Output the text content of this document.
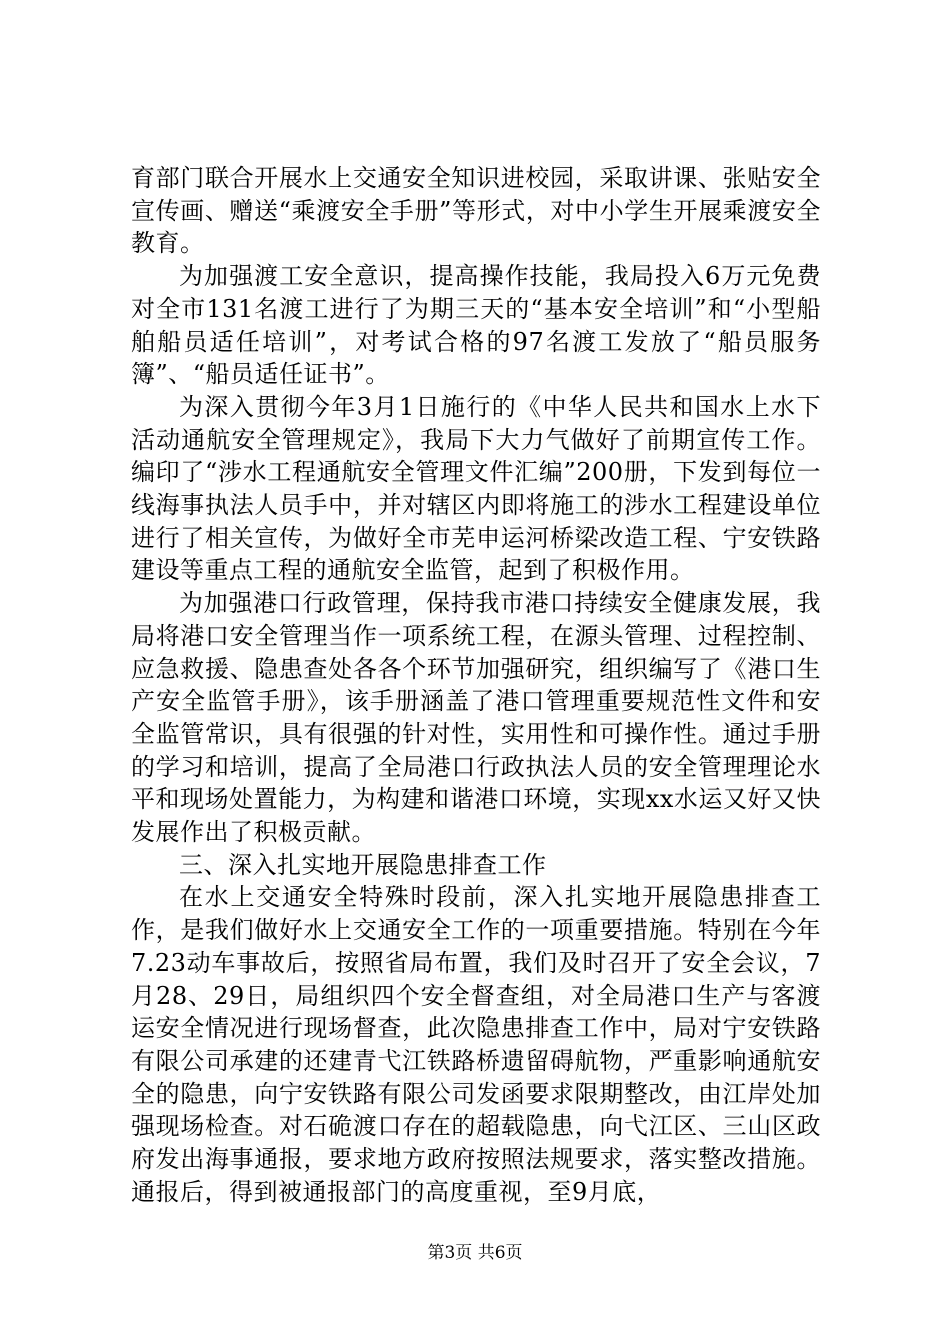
育部门联合开展水上交通安全知识进校园，采取讲课、张贴安全宣传画、赠送“乘渡安全手册”等形式，对中小学生开展乘渡安全教育。

为加强渡工安全意识，提高操作技能，我局投入6万元免费对全市131名渡工进行了为期三天的“基本安全培训”和“小型船舶船员适任培训”，对考试合格的97名渡工发放了“船员服务簿”、“船员适任证书”。

为深入贯彻今年3月1日施行的《中华人民共和国水上水下活动通航安全管理规定》，我局下大力气做好了前期宣传工作。编印了“涉水工程通航安全管理文件汇编”200册，下发到每位一线海事执法人员手中，并对辖区内即将施工的涉水工程建设单位进行了相关宣传，为做好全市芜申运河桥梁改造工程、宁安铁路建设等重点工程的通航安全监管，起到了积极作用。

为加强港口行政管理，保持我市港口持续安全健康发展，我局将港口安全管理当作一项系统工程，在源头管理、过程控制、应急救援、隐患查处各各个环节加强研究，组织编写了《港口生产安全监管手册》，该手册涵盖了港口管理重要规范性文件和安全监管常识，具有很强的针对性，实用性和可操作性。通过手册的学习和培训，提高了全局港口行政执法人员的安全管理理论水平和现场处置能力，为构建和谐港口环境，实现xx水运又好又快发展作出了积极贡献。

三、深入扎实地开展隐患排查工作

在水上交通安全特殊时段前，深入扎实地开展隐患排查工作，是我们做好水上交通安全工作的一项重要措施。特别在今年7.23动车事故后，按照省局布置，我们及时召开了安全会议，7月28、29日，局组织四个安全督查组，对全局港口生产与客渡运安全情况进行现场督查，此次隐患排查工作中，局对宁安铁路有限公司承建的还建青弋江铁路桥遗留碍航物，严重影响通航安全的隐患，向宁安铁路有限公司发函要求限期整改，由江岸处加强现场检查。对石硊渡口存在的超载隐患，向弋江区、三山区政府发出海事通报，要求地方政府按照法规要求，落实整改措施。通报后，得到被通报部门的高度重视，至9月底，

第3页 共6页
